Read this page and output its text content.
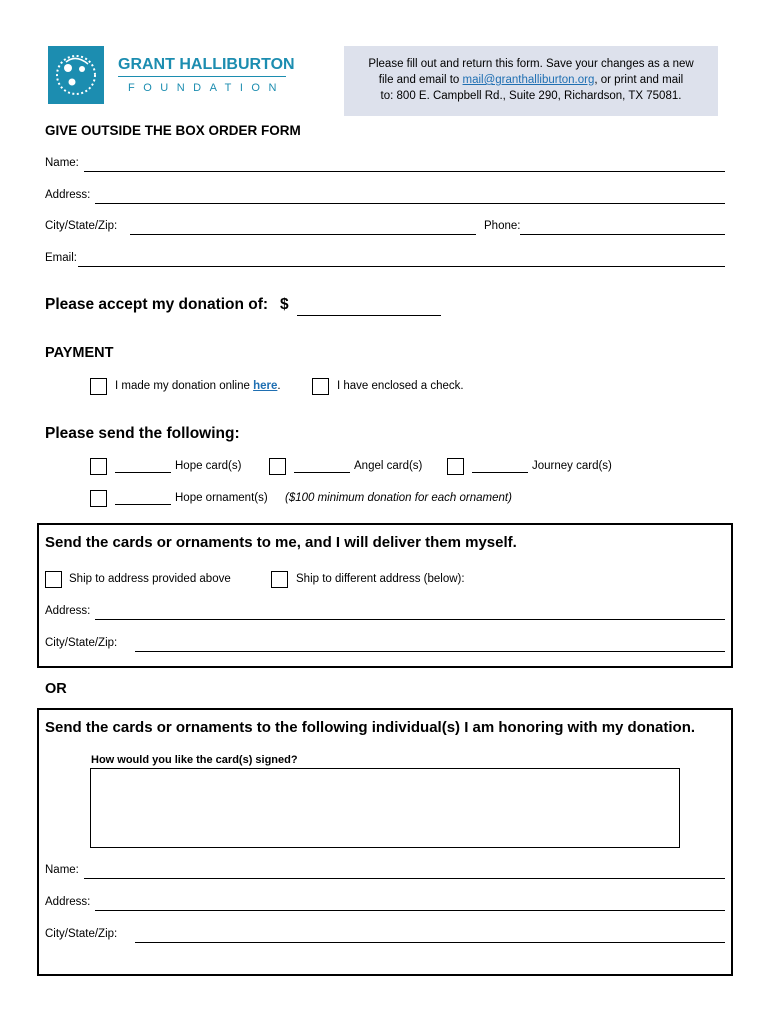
GRANT HALLIBURTON
FOUNDATION
Please fill out and return this form. Save your changes as a new
file and email to mail@granthalliburton.org, or print and mail
to: 800 E. Campbell Rd., Suite 290, Richardson, TX 75081.
GIVE OUTSIDE THE BOX ORDER FORM
Name:
Address:
City/State/Zip:	Phone:
Email:
Please accept my donation of: $
PAYMENT
I made my donation online here.	I have enclosed a check.
Please send the following:
Hope card(s)	Angel card(s)	Journey card(s)
Hope ornament(s) ($100 minimum donation for each ornament)
Send the cards or ornaments to me, and I will deliver them myself.
Ship to address provided above	Ship to different address (below):
Address:
City/State/Zip:
OR
Send the cards or ornaments to the following individual(s) I am honoring with my donation.
How would you like the card(s) signed?
Name:
Address:
City/State/Zip:
